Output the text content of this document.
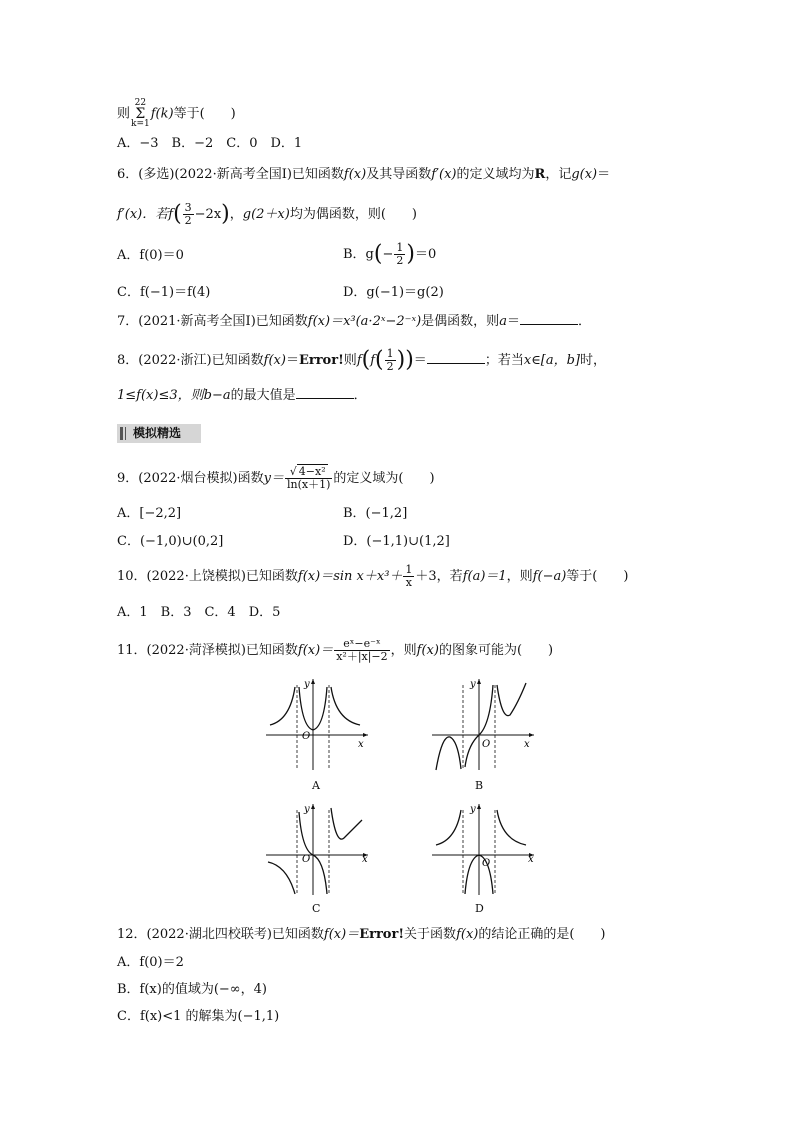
则22
Σ
k=1f(k)等于(　　)
A．−3　B．−2　C．0　D．1
6．(多选)(2022·新高考全国Ⅰ)已知函数f(x)及其导函数f′(x)的定义域均为R，记g(x)＝
f′(x)．若$f( \frac{3}{2} -2x)$，g(2＋x)均为偶函数，则(　　)
A．f(0)＝0	B．$g(- \frac{1}{2} )=0$
C．f(−1)＝f(4)	D．g(−1)＝g(2)
7．(2021·新高考全国Ⅰ)已知函数f(x)＝x³(a·2ˣ−2⁻ˣ)是偶函数，则a＝	．
8．(2022·浙江)已知函数f(x)＝Error!则$f(f( \frac{1}{2}$ ))＝	；若当x∈[a，b]时，
1≤f(x)≤3，则b−a的最大值是	．
模拟精选
9．(2022·烟台模拟)函数$y= \frac{\text{√ 4−x²}}{\ln(x+1)}$ 的定义域为(　　)
A．[−2,2]	B．(−1,2]
C．(−1,0)∪(0,2]	D．(−1,1)∪(1,2]
10．(2022·上饶模拟)已知函数f(x)＝sin $x+x^3+ \frac{1}{x} +3$，若f(a)＝1，则f(−a)等于(　　)
A．1　B．3　C．4　D．5
11．(2022·菏泽模拟)已知函数$f(x)= \frac{\text{eˣ−e⁻ˣ}}{\text{x²＋|x|−2}}$ ，则f(x)的图象可能为(　　)
O
x
y
A
O	x
y
B
O	x
y
C
O	x
y
D
12．(2022·湖北四校联考)已知函数f(x)＝Error!关于函数f(x)的结论正确的是(　　)
A．f(0)＝2
B．f(x)的值域为(−∞，4)
C．f(x)<1 的解集为(−1,1)
